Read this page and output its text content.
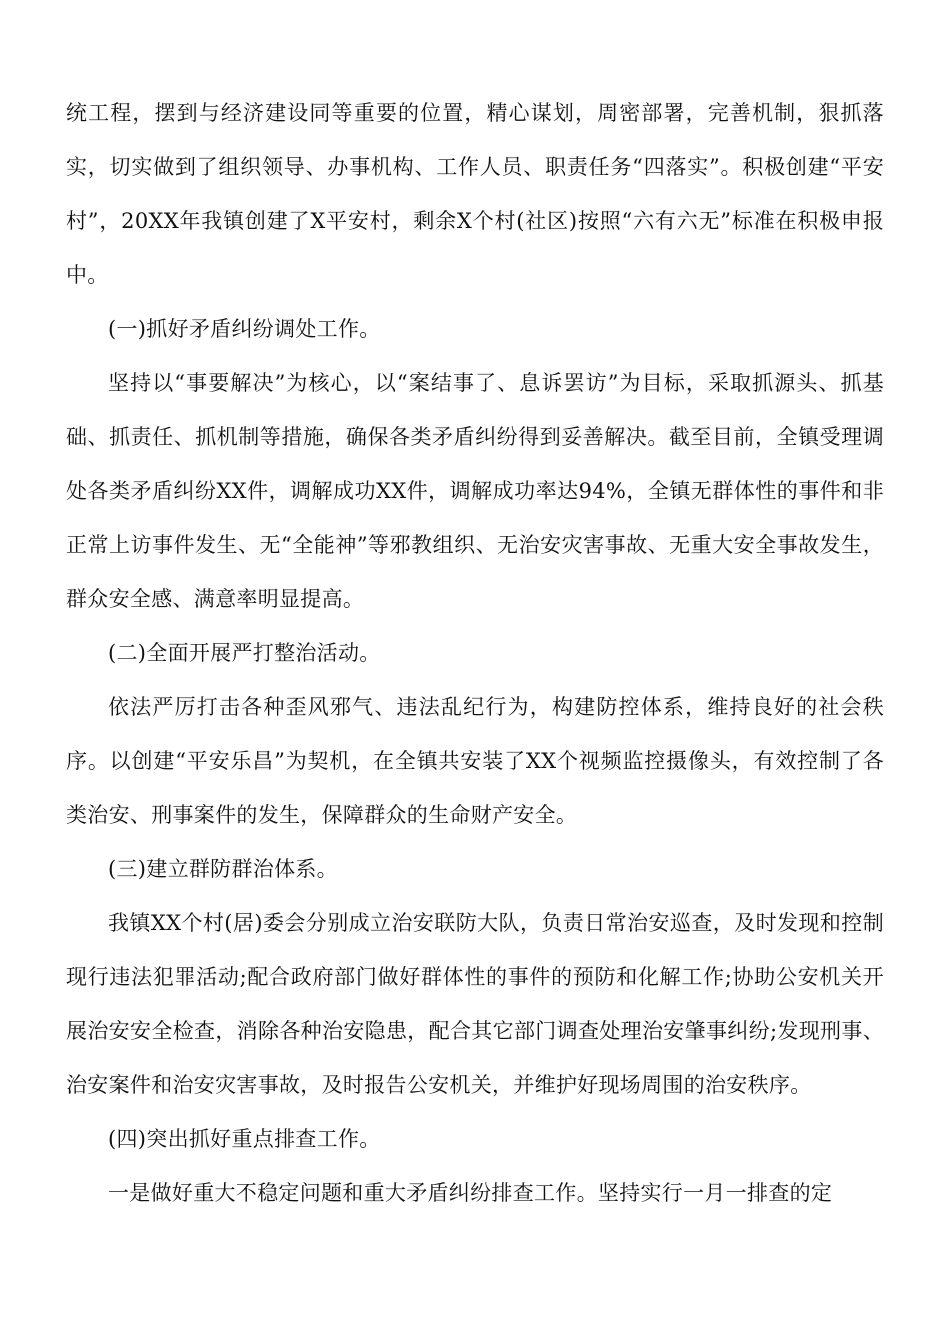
统工程，摆到与经济建设同等重要的位置，精心谋划，周密部署，完善机制，狠抓落实，切实做到了组织领导、办事机构、工作人员、职责任务“四落实”。积极创建“平安村”，20XX年我镇创建了X平安村，剩余X个村(社区)按照“六有六无”标准在积极申报中。

(一)抓好矛盾纠纷调处工作。

坚持以“事要解决”为核心，以“案结事了、息诉罢访”为目标，采取抓源头、抓基础、抓责任、抓机制等措施，确保各类矛盾纠纷得到妥善解决。截至目前，全镇受理调处各类矛盾纠纷XX件，调解成功XX件，调解成功率达94%，全镇无群体性的事件和非正常上访事件发生、无“全能神”等邪教组织、无治安灾害事故、无重大安全事故发生，群众安全感、满意率明显提高。

(二)全面开展严打整治活动。

依法严厉打击各种歪风邪气、违法乱纪行为，构建防控体系，维持良好的社会秩序。以创建“平安乐昌”为契机，在全镇共安装了XX个视频监控摄像头，有效控制了各类治安、刑事案件的发生，保障群众的生命财产安全。

(三)建立群防群治体系。

我镇XX个村(居)委会分别成立治安联防大队，负责日常治安巡查，及时发现和控制现行违法犯罪活动;配合政府部门做好群体性的事件的预防和化解工作;协助公安机关开展治安安全检查，消除各种治安隐患，配合其它部门调查处理治安肇事纠纷;发现刑事、治安案件和治安灾害事故，及时报告公安机关，并维护好现场周围的治安秩序。

(四)突出抓好重点排查工作。

一是做好重大不稳定问题和重大矛盾纠纷排查工作。坚持实行一月一排查的定
